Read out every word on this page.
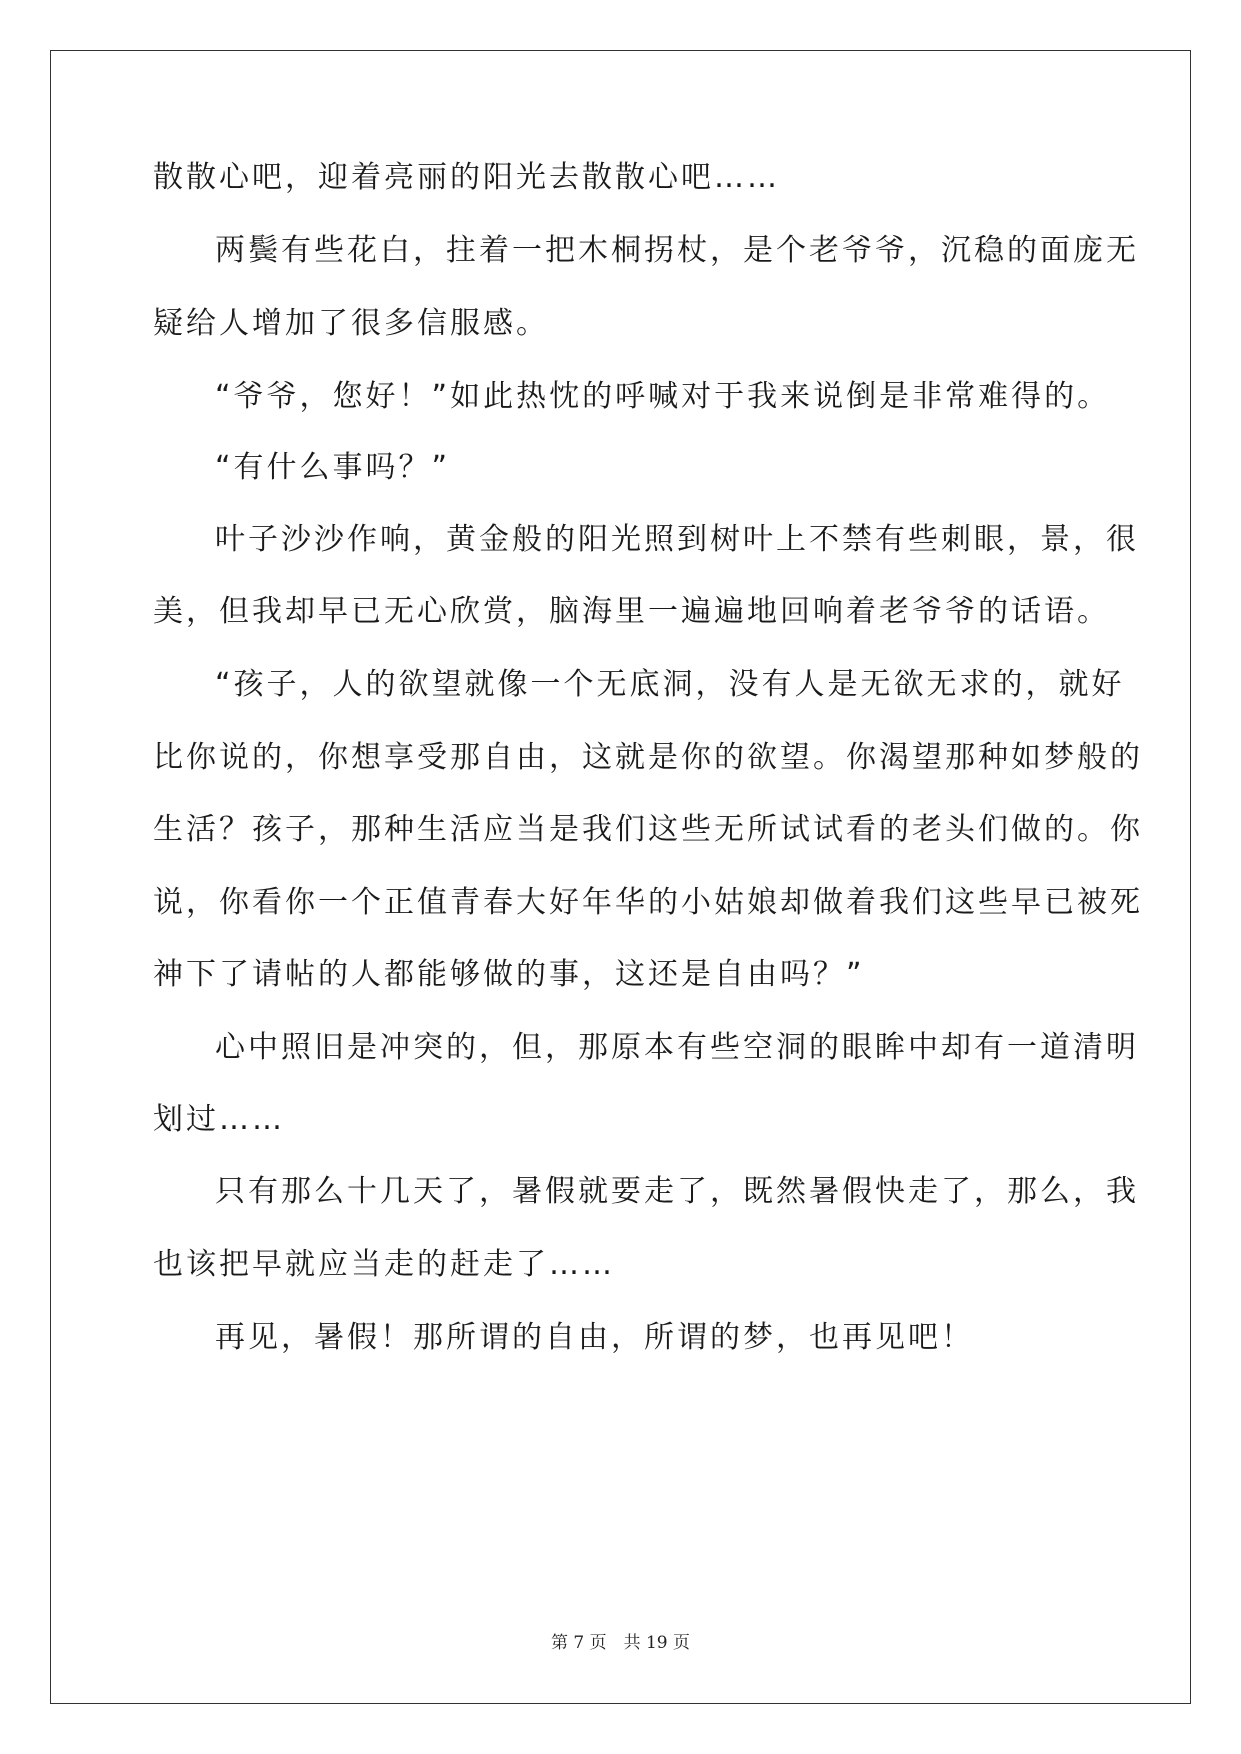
散散心吧，迎着亮丽的阳光去散散心吧……
两鬓有些花白，拄着一把木桐拐杖，是个老爷爷，沉稳的面庞无
疑给人增加了很多信服感。
“爷爷，您好！”如此热忱的呼喊对于我来说倒是非常难得的。
“有什么事吗？”
叶子沙沙作响，黄金般的阳光照到树叶上不禁有些刺眼，景，很
美，但我却早已无心欣赏，脑海里一遍遍地回响着老爷爷的话语。
“孩子，人的欲望就像一个无底洞，没有人是无欲无求的，就好
比你说的，你想享受那自由，这就是你的欲望。你渴望那种如梦般的
生活？孩子，那种生活应当是我们这些无所试试看的老头们做的。你
说，你看你一个正值青春大好年华的小姑娘却做着我们这些早已被死
神下了请帖的人都能够做的事，这还是自由吗？”
心中照旧是冲突的，但，那原本有些空洞的眼眸中却有一道清明
划过……
只有那么十几天了，暑假就要走了，既然暑假快走了，那么，我
也该把早就应当走的赶走了……
再见，暑假！那所谓的自由，所谓的梦，也再见吧！
第 7 页　共 19 页
